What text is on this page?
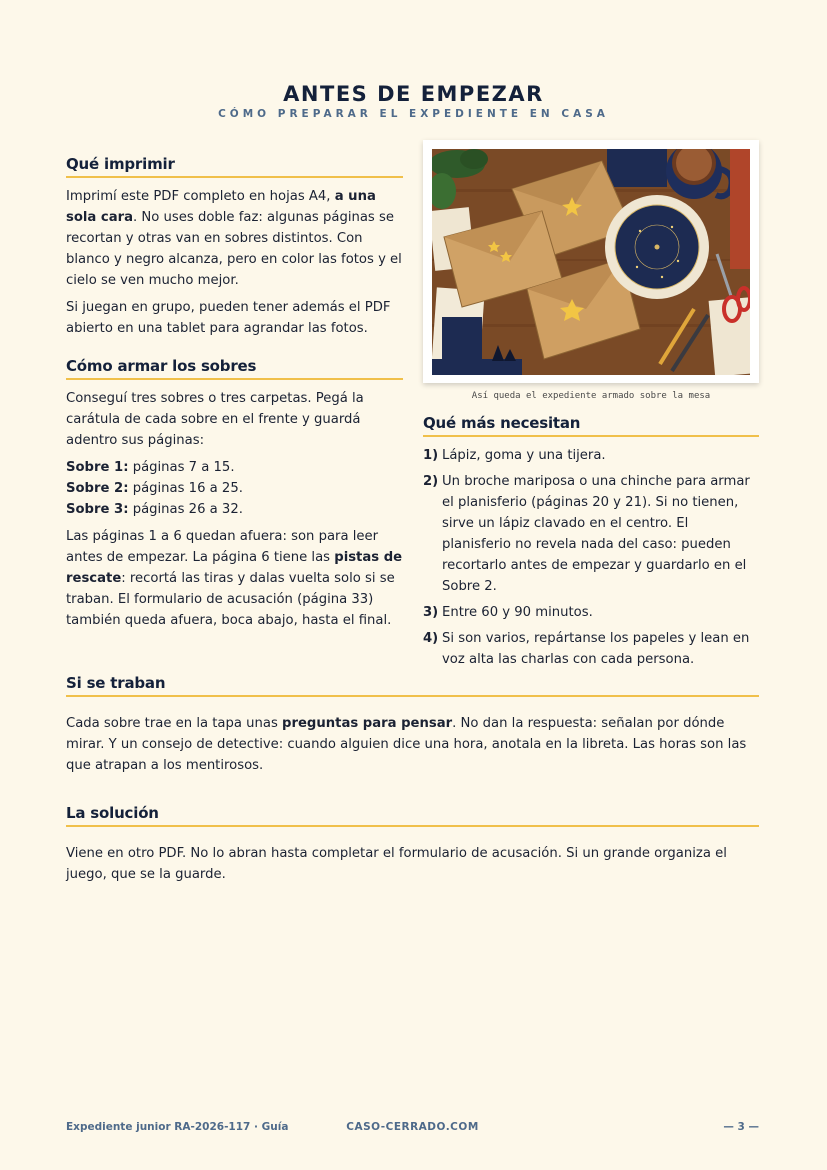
ANTES DE EMPEZAR
CÓMO PREPARAR EL EXPEDIENTE EN CASA
Qué imprimir

Imprimí este PDF completo en hojas A4, a una sola cara. No uses doble faz: algunas páginas se recortan y otras van en sobres distintos. Con blanco y negro alcanza, pero en color las fotos y el cielo se ven mucho mejor.

Si juegan en grupo, pueden tener además el PDF abierto en una tablet para agrandar las fotos.

Cómo armar los sobres

Conseguí tres sobres o tres carpetas. Pegá la carátula de cada sobre en el frente y guardá adentro sus páginas:

Sobre 1: páginas 7 a 15.

Sobre 2: páginas 16 a 25.

Sobre 3: páginas 26 a 32.

Las páginas 1 a 6 quedan afuera: son para leer antes de empezar. La página 6 tiene las pistas de rescate: recortá las tiras y dalas vuelta solo si se traban. El formulario de acusación (página 33) también queda afuera, boca abajo, hasta el final.

Así queda el expediente armado sobre la mesa
Qué más necesitan
1) Lápiz, goma y una tijera.
2) Un broche mariposa o una chinche para armar el planisferio (páginas 20 y 21). Si no tienen, sirve un lápiz clavado en el centro. El planisferio no revela nada del caso: pueden recortarlo antes de empezar y guardarlo en el Sobre 2.
3) Entre 60 y 90 minutos.
4) Si son varios, repártanse los papeles y lean en voz alta las charlas con cada persona.
Si se traban

Cada sobre trae en la tapa unas preguntas para pensar. No dan la respuesta: señalan por dónde mirar. Y un consejo de detective: cuando alguien dice una hora, anotala en la libreta. Las horas son las que atrapan a los mentirosos.

La solución

Viene en otro PDF. No lo abran hasta completar el formulario de acusación. Si un grande organiza el juego, que se la guarde.

Expediente junior RA-2026-117 · Guía	CASO-CERRADO.COM	— 3 —
